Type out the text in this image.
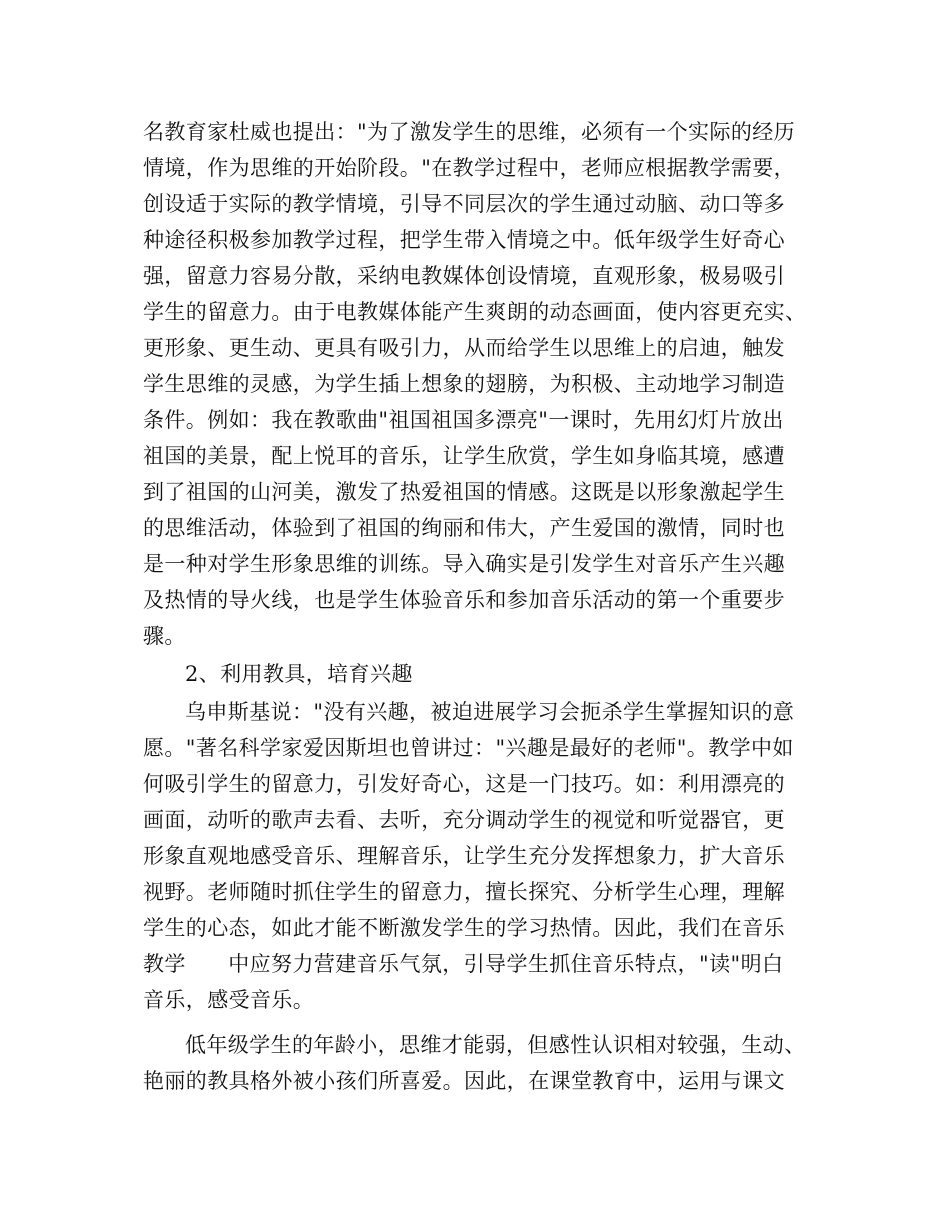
名教育家杜威也提出："为了激发学生的思维，必须有一个实际的经历

情境，作为思维的开始阶段。"在教学过程中，老师应根据教学需要，

创设适于实际的教学情境，引导不同层次的学生通过动脑、动口等多

种途径积极参加教学过程，把学生带入情境之中。低年级学生好奇心

强，留意力容易分散，采纳电教媒体创设情境，直观形象，极易吸引

学生的留意力。由于电教媒体能产生爽朗的动态画面，使内容更充实、

更形象、更生动、更具有吸引力，从而给学生以思维上的启迪，触发

学生思维的灵感，为学生插上想象的翅膀，为积极、主动地学习制造

条件。例如：我在教歌曲"祖国祖国多漂亮"一课时，先用幻灯片放出

祖国的美景，配上悦耳的音乐，让学生欣赏，学生如身临其境，感遭

到了祖国的山河美，激发了热爱祖国的情感。这既是以形象激起学生

的思维活动，体验到了祖国的绚丽和伟大，产生爱国的激情，同时也

是一种对学生形象思维的训练。导入确实是引发学生对音乐产生兴趣

及热情的导火线，也是学生体验音乐和参加音乐活动的第一个重要步

骤。

2、利用教具，培育兴趣

乌申斯基说："没有兴趣，被迫进展学习会扼杀学生掌握知识的意

愿。"著名科学家爱因斯坦也曾讲过："兴趣是最好的老师"。教学中如

何吸引学生的留意力，引发好奇心，这是一门技巧。如：利用漂亮的

画面，动听的歌声去看、去听，充分调动学生的视觉和听觉器官，更

形象直观地感受音乐、理解音乐，让学生充分发挥想象力，扩大音乐

视野。老师随时抓住学生的留意力，擅长探究、分析学生心理，理解

学生的心态，如此才能不断激发学生的学习热情。因此，我们在音乐

教学      中应努力营建音乐气氛，引导学生抓住音乐特点，"读"明白

音乐，感受音乐。

低年级学生的年龄小，思维才能弱，但感性认识相对较强，生动、

艳丽的教具格外被小孩们所喜爱。因此，在课堂教育中，运用与课文
